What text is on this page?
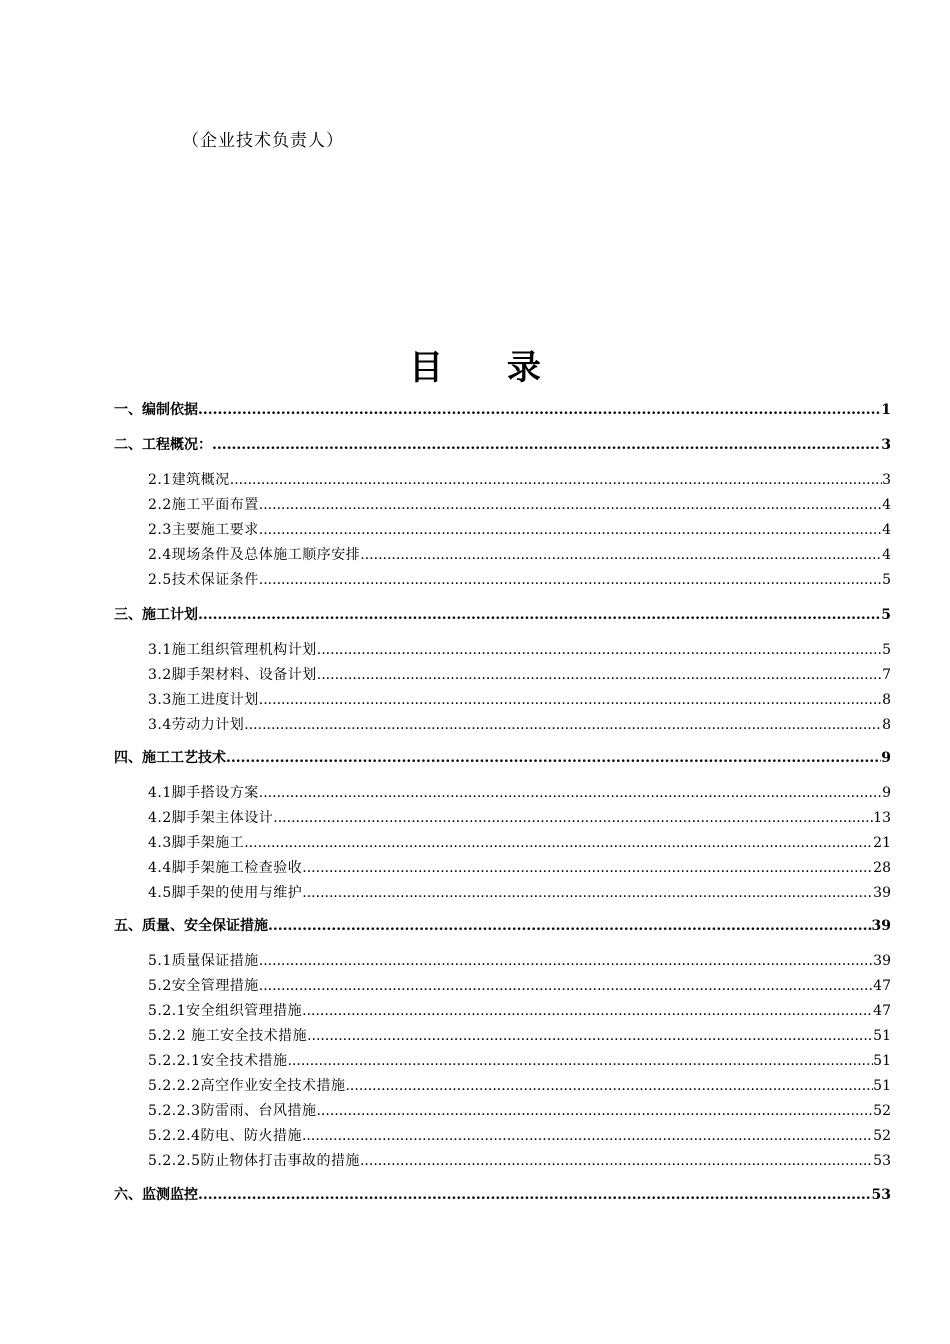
（企业技术负责人）
目 录
一、编制依据 .....	1
二、工程概况： .....	3
2.1建筑概况 .....	3
2.2施工平面布置 .....	4
2.3主要施工要求 .....	4
2.4现场条件及总体施工顺序安排 .....	4
2.5技术保证条件 .....	5
三、施工计划 .....	5
3.1施工组织管理机构计划 .....	5
3.2脚手架材料、设备计划 .....	7
3.3施工进度计划 .....	8
3.4劳动力计划 .....	8
四、施工工艺技术 .....	9
4.1脚手搭设方案 .....	9
4.2脚手架主体设计 .....	13
4.3脚手架施工 .....	21
4.4脚手架施工检查验收 .....	28
4.5脚手架的使用与维护 .....	39
五、质量、安全保证措施 .....	39
5.1质量保证措施 .....	39
5.2安全管理措施 .....	47
5.2.1安全组织管理措施 .....	47
5.2.2 施工安全技术措施 .....	51
5.2.2.1安全技术措施 .....	51
5.2.2.2高空作业安全技术措施 .....	51
5.2.2.3防雷雨、台风措施 .....	52
5.2.2.4防电、防火措施 .....	52
5.2.2.5防止物体打击事故的措施 .....	53
六、监测监控 .....	53
